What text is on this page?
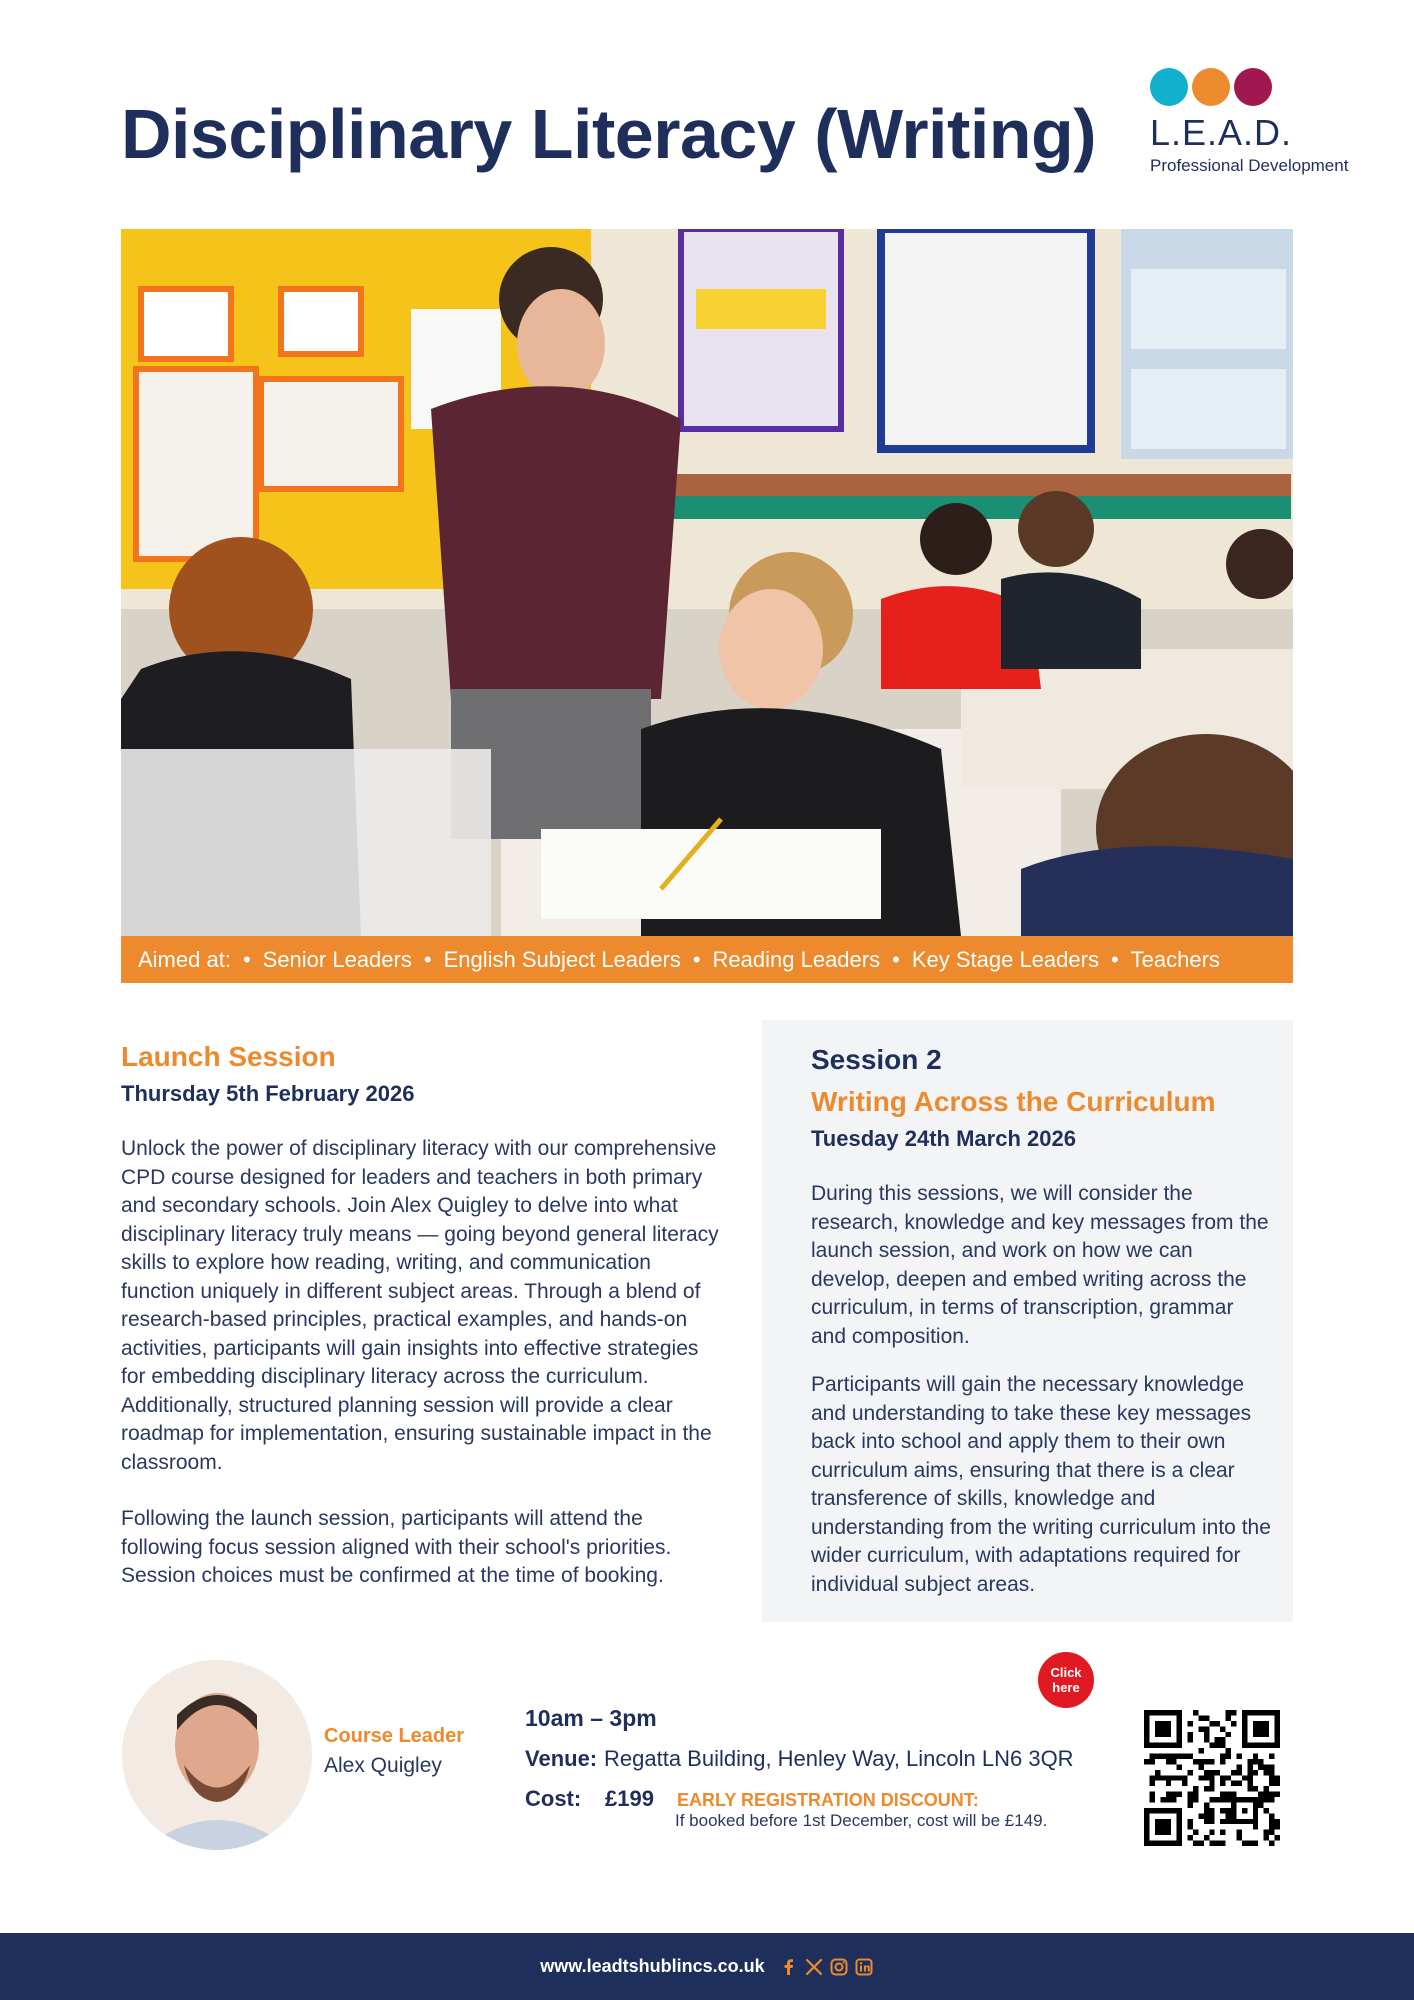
Disciplinary Literacy (Writing) L.E.A.D.
Professional Development
Aimed at: • Senior Leaders • English Subject Leaders • Reading Leaders • Key Stage Leaders • Teachers
Launch Session

Thursday 5th February 2026

Unlock the power of disciplinary literacy with our comprehensive CPD course designed for leaders and teachers in both primary and secondary schools. Join Alex Quigley to delve into what disciplinary literacy truly means — going beyond general literacy skills to explore how reading, writing, and communication function uniquely in different subject areas. Through a blend of research-based principles, practical examples, and hands-on activities, participants will gain insights into effective strategies for embedding disciplinary literacy across the curriculum. Additionally, structured planning session will provide a clear roadmap for implementation, ensuring sustainable impact in the classroom.

Following the launch session, participants will attend the following focus session aligned with their school's priorities. Session choices must be confirmed at the time of booking.

Session 2
Writing Across the Curriculum

Tuesday 24th March 2026

During this sessions, we will consider the research, knowledge and key messages from the launch session, and work on how we can develop, deepen and embed writing across the curriculum, in terms of transcription, grammar and composition.

Participants will gain the necessary knowledge and understanding to take these key messages back into school and apply them to their own curriculum aims, ensuring that there is a clear transference of skills, knowledge and understanding from the writing curriculum into the wider curriculum, with adaptations required for individual subject areas.

Course Leader
Alex Quigley
10am – 3pm
Venue: Regatta Building, Henley Way, Lincoln LN6 3QR
Cost:	£199	EARLY REGISTRATION DISCOUNT:
If booked before 1st December, cost will be £149.
Click
here
www.leadtshublincs.co.uk
